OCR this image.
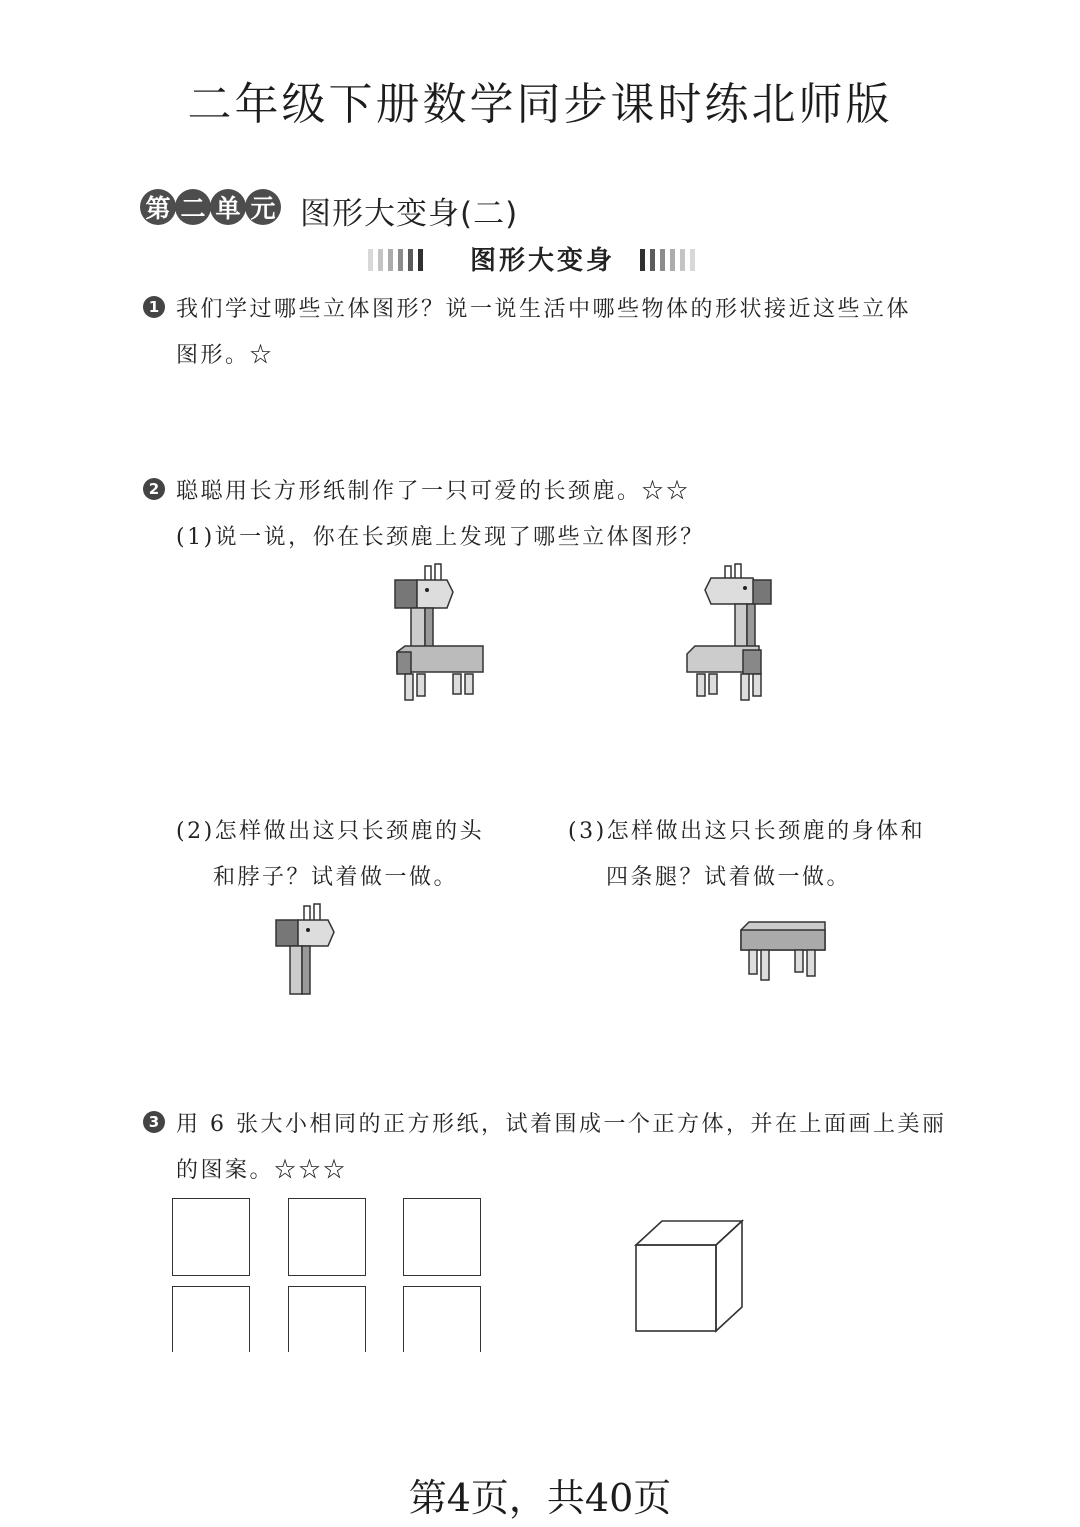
二年级下册数学同步课时练北师版
第 二 单 元 图形大变身(二)
图形大变身
1 我们学过哪些立体图形？说一说生活中哪些物体的形状接近这些立体
图形。☆
2 聪聪用长方形纸制作了一只可爱的长颈鹿。☆☆
(1)说一说，你在长颈鹿上发现了哪些立体图形？
(2)怎样做出这只长颈鹿的头
和脖子？试着做一做。
(3)怎样做出这只长颈鹿的身体和
四条腿？试着做一做。
3 用 6 张大小相同的正方形纸，试着围成一个正方体，并在上面画上美丽
的图案。☆☆☆
第4页，共40页
